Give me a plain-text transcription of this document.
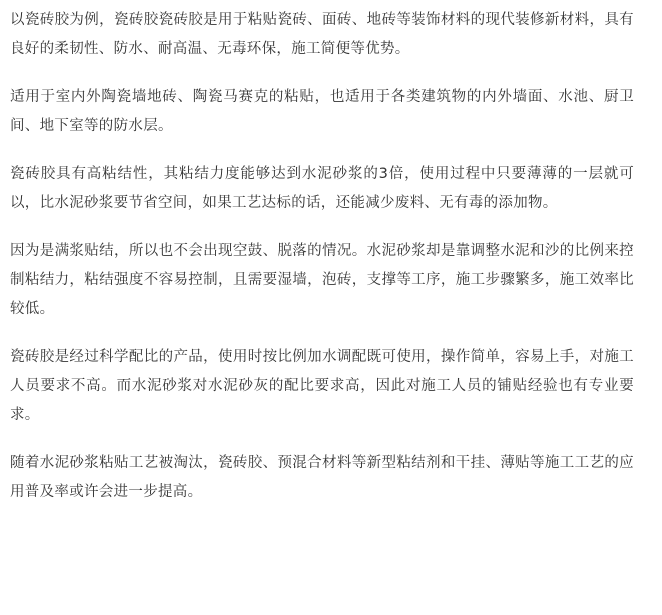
以瓷砖胶为例，瓷砖胶瓷砖胶是用于粘贴瓷砖、面砖、地砖等装饰材料的现代装修新材料，具有良好的柔韧性、防水、耐高温、无毒环保，施工简便等优势。

适用于室内外陶瓷墙地砖、陶瓷马赛克的粘贴，也适用于各类建筑物的内外墙面、水池、厨卫间、地下室等的防水层。

瓷砖胶具有高粘结性，其粘结力度能够达到水泥砂浆的3倍，使用过程中只要薄薄的一层就可以，比水泥砂浆要节省空间，如果工艺达标的话，还能减少废料、无有毒的添加物。

因为是满浆贴结，所以也不会出现空鼓、脱落的情况。水泥砂浆却是靠调整水泥和沙的比例来控制粘结力，粘结强度不容易控制，且需要湿墙，泡砖，支撑等工序，施工步骤繁多，施工效率比较低。

瓷砖胶是经过科学配比的产品，使用时按比例加水调配既可使用，操作简单，容易上手，对施工人员要求不高。而水泥砂浆对水泥砂灰的配比要求高，因此对施工人员的铺贴经验也有专业要求。

随着水泥砂浆粘贴工艺被淘汰，瓷砖胶、预混合材料等新型粘结剂和干挂、薄贴等施工工艺的应用普及率或许会进一步提高。
